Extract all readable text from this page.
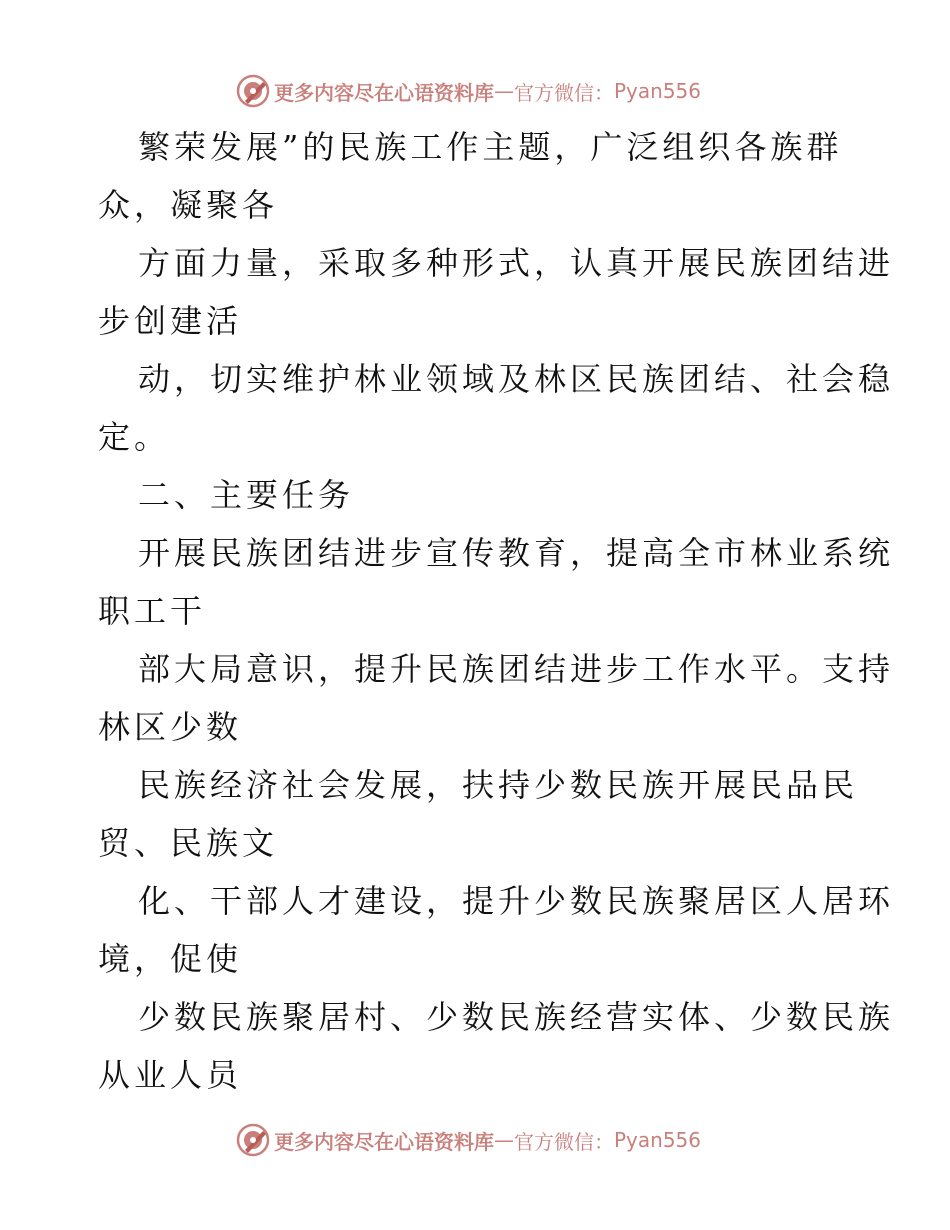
更多内容尽在心语资料库 — 官方微信： Pyan556
繁荣发展”的民族工作主题，广泛组织各族群
众，凝聚各
方面力量，采取多种形式，认真开展民族团结进
步创建活
动，切实维护林业领域及林区民族团结、社会稳
定。
二、主要任务
开展民族团结进步宣传教育，提高全市林业系统
职工干
部大局意识，提升民族团结进步工作水平。支持
林区少数
民族经济社会发展，扶持少数民族开展民品民
贸、民族文
化、干部人才建设，提升少数民族聚居区人居环
境，促使
少数民族聚居村、少数民族经营实体、少数民族
从业人员
更多内容尽在心语资料库 — 官方微信： Pyan556
